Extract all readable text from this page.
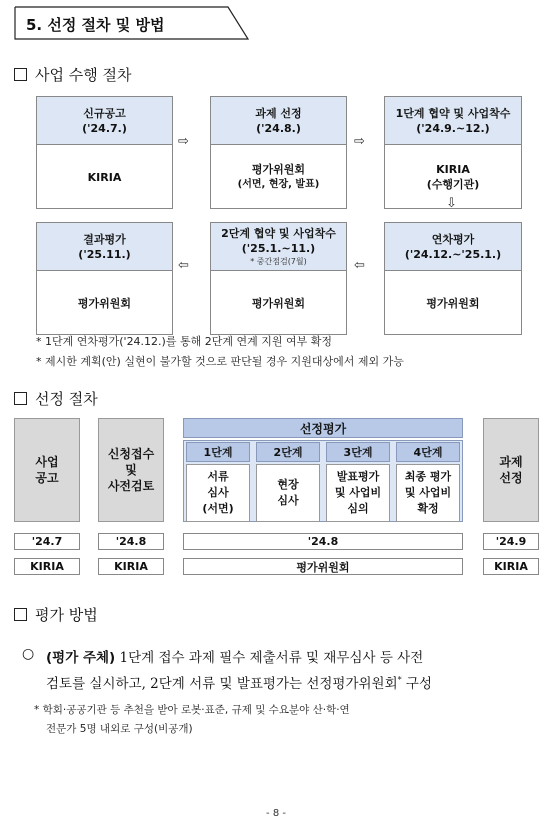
5. 선정 절차 및 방법
사업 수행 절차
신규공고
('24.7.)
KIRIA
과제 선정
('24.8.)
평가위원회
(서면, 현장, 발표)
1단계 협약 및 사업착수
('24.9.~12.)
KIRIA
(수행기관)
⇨	⇨
⇩
연차평가
('24.12.~'25.1.)
평가위원회
2단계 협약 및 사업착수
('25.1.~11.)
* 중간점검(7월)
평가위원회
결과평가
('25.11.)
평가위원회
⇦
⇦
* 1단계 연차평가('24.12.)를 통해 2단계 연계 지원 여부 확정
* 제시한 계획(안) 실현이 불가할 것으로 판단될 경우 지원대상에서 제외 가능
선정 절차
사업
공고
신청접수
및
사전검토
선정평가
1단계
서류
심사
(서면)
2단계
현장
심사
3단계
발표평가
및 사업비
심의
4단계
최종 평가
및 사업비
확정
과제
선정
'24.7	'24.8	'24.8	'24.9
KIRIA	KIRIA	평가위원회	KIRIA
평가 방법
○ (평가 주체) 1단계 접수 과제 필수 제출서류 및 재무심사 등 사전
검토를 실시하고, 2단계 서류 및 발표평가는 선정평가위원회* 구성
* 학회·공공기관 등 추천을 받아 로봇·표준, 규제 및 수요분야 산·학·연
전문가 5명 내외로 구성(비공개)
- 8 -
